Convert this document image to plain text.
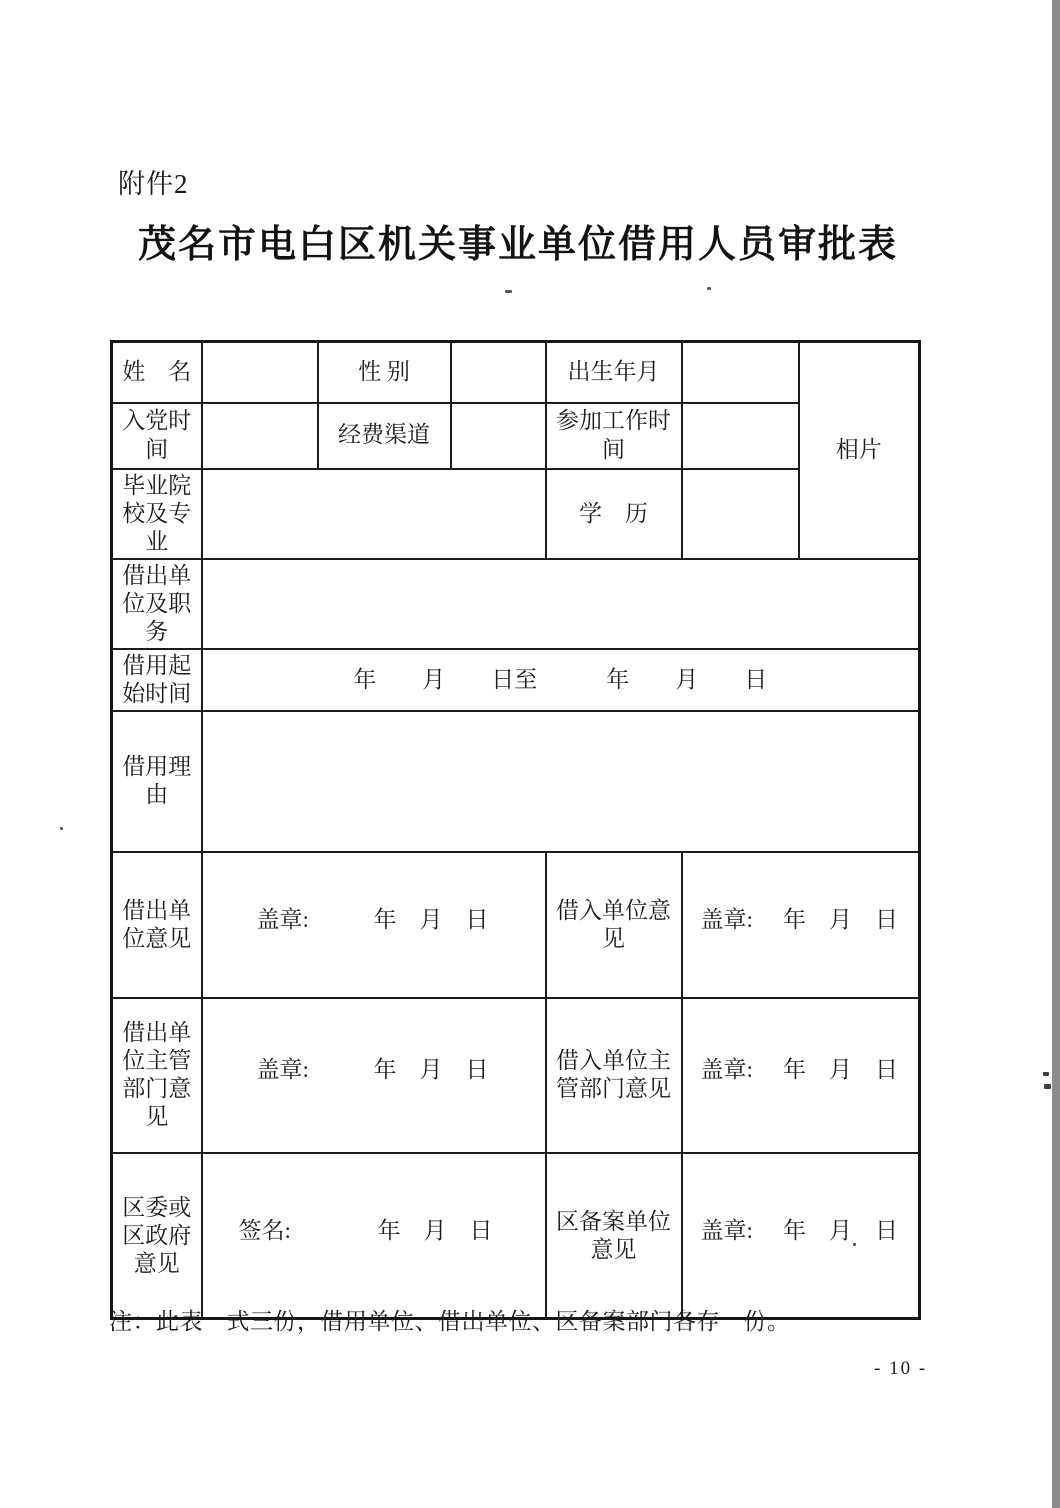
附件2
茂名市电白区机关事业单位借用人员审批表
姓　名		性 别		出生年月		相片
入党时间		经费渠道		参加工作时间		
毕业院校及专业				学　历		
借出单位及职务						
借用起始时间	年　　月　　日至　　　年　　月　　日					
借用理由						
借出单位意见	盖章: 年　月　日			借入单位意见	盖章: 年　月　日	

借出单位主管部门意见	盖章: 年　月　日			借入单位主管部门意见	盖章: 年　月　日	

区委或区政府意见	签名: 年　月　日			区备案单位意见	盖章: 年　月　日	
注：此表一式三份，借用单位、借出单位、区备案部门各存一份。
- 10 -
